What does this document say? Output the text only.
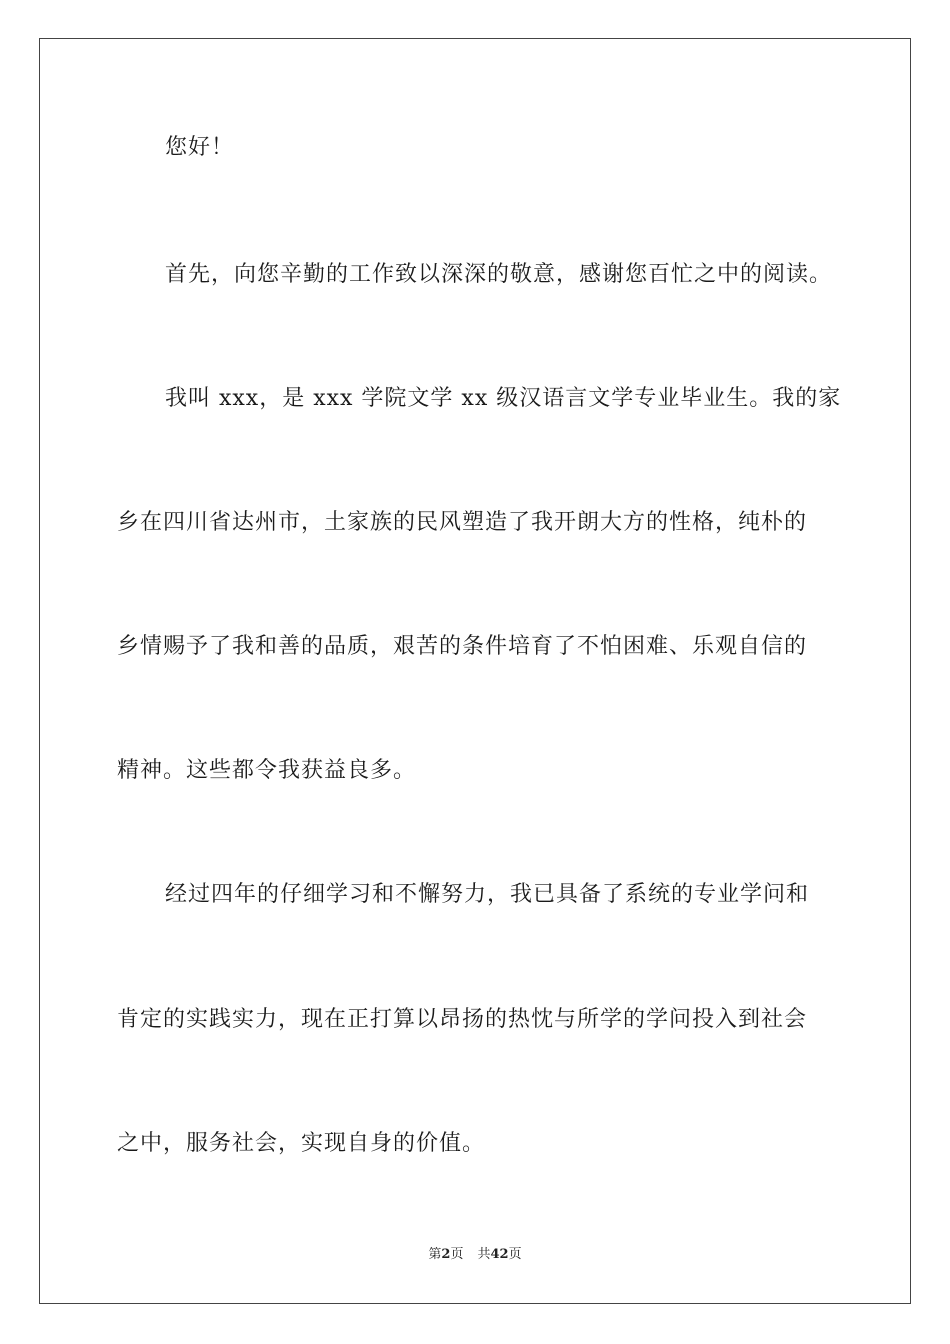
您好！
首先，向您辛勤的工作致以深深的敬意，感谢您百忙之中的阅读。
我叫 xxx，是 xxx 学院文学 xx 级汉语言文学专业毕业生。我的家
乡在四川省达州市，土家族的民风塑造了我开朗大方的性格，纯朴的
乡情赐予了我和善的品质，艰苦的条件培育了不怕困难、乐观自信的
精神。这些都令我获益良多。
经过四年的仔细学习和不懈努力，我已具备了系统的专业学问和
肯定的实践实力，现在正打算以昂扬的热忱与所学的学问投入到社会
之中，服务社会，实现自身的价值。
第2页 共42页
